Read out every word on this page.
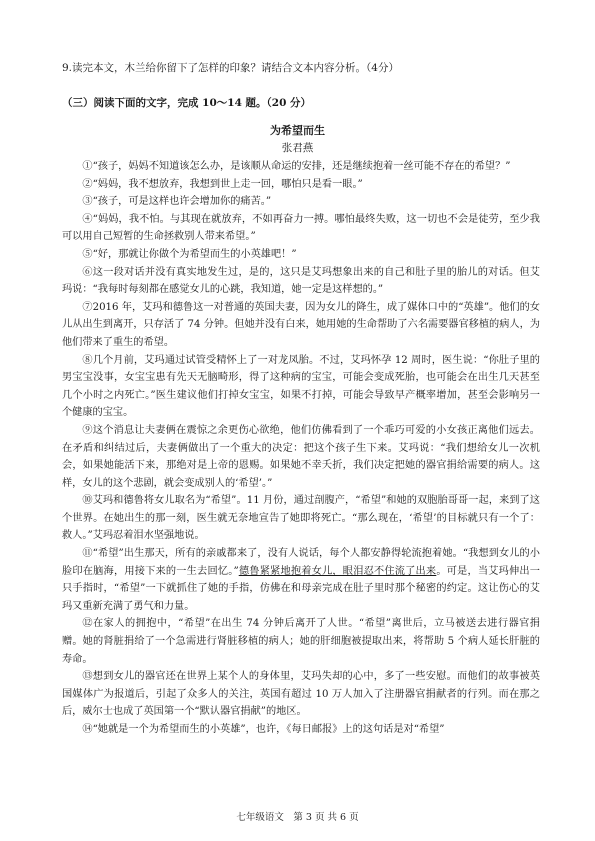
9.读完本文，木兰给你留下了怎样的印象？请结合文本内容分析。（4分）
（三）阅读下面的文字，完成 10～14 题。（20 分）
为希望而生
张君燕

①“孩子，妈妈不知道该怎么办，是该顺从命运的安排，还是继续抱着一丝可能不存在的希望？”

②“妈妈，我不想放弃，我想到世上走一回，哪怕只是看一眼。”

③“孩子，可是这样也许会增加你的痛苦。”

④“妈妈，我不怕。与其现在就放弃，不如再奋力一搏。哪怕最终失败，这一切也不会是徒劳，至少我可以用自己短暂的生命拯救别人带来希望。”

⑤“好，那就让你做个为希望而生的小英雄吧！”

⑥这一段对话并没有真实地发生过，是的，这只是艾玛想象出来的自己和肚子里的胎儿的对话。但艾玛说：“我每时每刻都在感觉女儿的心跳，我知道，她一定是这样想的。”

⑦2016 年，艾玛和德鲁这一对普通的英国夫妻，因为女儿的降生，成了媒体口中的“英雄”。他们的女儿从出生到离开，只存活了 74 分钟。但她并没有白来，她用她的生命帮助了六名需要器官移植的病人，为他们带来了重生的希望。

⑧几个月前，艾玛通过试管受精怀上了一对龙凤胎。不过，艾玛怀孕 12 周时，医生说：“你肚子里的男宝宝没事，女宝宝患有先天无脑畸形，得了这种病的宝宝，可能会变成死胎，也可能会在出生几天甚至几个小时之内死亡。”医生建议他们打掉女宝宝，如果不打掉，可能会导致早产概率增加，甚至会影响另一个健康的宝宝。

⑨这个消息让夫妻俩在震惊之余更伤心欲绝，他们仿佛看到了一个乖巧可爱的小女孩正离他们远去。在矛盾和纠结过后，夫妻俩做出了一个重大的决定：把这个孩子生下来。艾玛说：“我们想给女儿一次机会，如果她能活下来，那绝对是上帝的恩赐。如果她不幸夭折，我们决定把她的器官捐给需要的病人。这样，女儿的这个悲剧，就会变成别人的‘希望’。”

⑩艾玛和德鲁将女儿取名为“希望”。11 月份，通过剖腹产，“希望”和她的双胞胎哥哥一起，来到了这个世界。在她出生的那一刻，医生就无奈地宣告了她即将死亡。“那么现在，‘希望’的目标就只有一个了：救人。”艾玛忍着泪水坚强地说。

⑪“希望”出生那天，所有的亲戚都来了，没有人说话，每个人都安静得轮流抱着她。“我想到女儿的小脸印在脑海，用接下来的一生去回忆。”德鲁紧紧地抱着女儿，眼泪忍不住流了出来。可是，当艾玛伸出一只手指时，“希望”一下就抓住了她的手指，仿佛在和母亲完成在肚子里时那个秘密的约定。这让伤心的艾玛又重新充满了勇气和力量。

⑫在家人的拥抱中，“希望”在出生 74 分钟后离开了人世。“希望”离世后，立马被送去进行器官捐赠。她的肾脏捐给了一个急需进行肾脏移植的病人；她的肝细胞被提取出来，将帮助 5 个病人延长肝脏的寿命。

⑬想到女儿的器官还在世界上某个人的身体里，艾玛失却的心中，多了一些安慰。而他们的故事被英国媒体广为报道后，引起了众多人的关注，英国有超过 10 万人加入了注册器官捐献者的行列。而在那之后，威尔士也成了英国第一个“默认器官捐献”的地区。

⑭“她就是一个为希望而生的小英雄”，也许，《每日邮报》上的这句话是对“希望”

七年级语文　第 3 页 共 6 页
